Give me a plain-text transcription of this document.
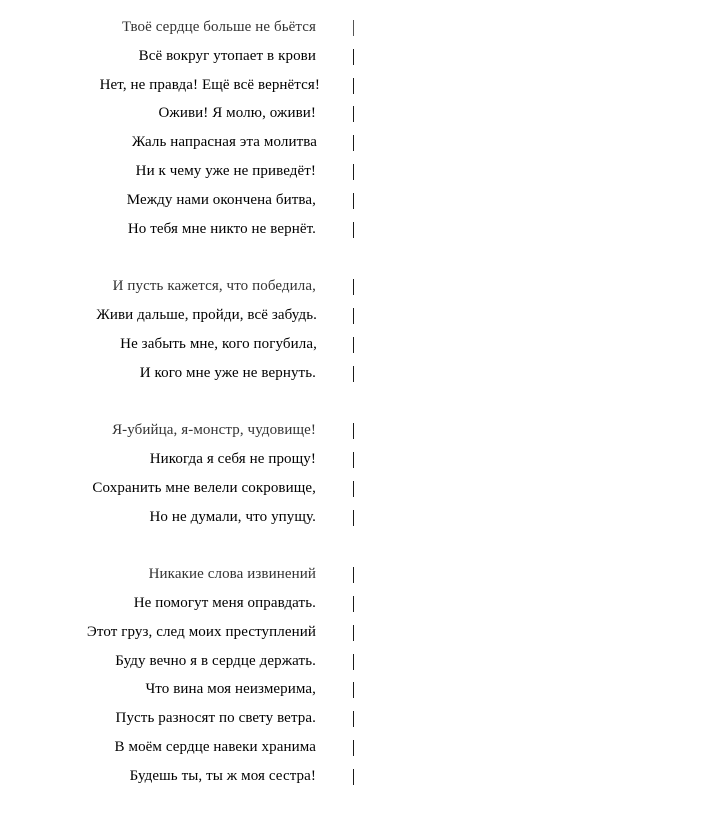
Твоё сердце больше не бьётся
Всё вокруг утопает в крови
Нет, не правда! Ещё всё вернётся!
Оживи! Я молю, оживи!
Жаль напрасная эта молитва
Ни к чему уже не приведёт!
Между нами окончена битва,
Но тебя мне никто не вернёт.
И пусть кажется, что победила,
Живи дальше, пройди, всё забудь.
Не забыть мне, кого погубила,
И кого мне уже не вернуть.
Я-убийца, я-монстр, чудовище!
Никогда я себя не прощу!
Сохранить мне велели сокровище,
Но не думали, что упущу.
Никакие слова извинений
Не помогут меня оправдать.
Этот груз, след моих преступлений
Буду вечно я в сердце держать.
Что вина моя неизмерима,
Пусть разносят по свету ветра.
В моём сердце навеки хранима
Будешь ты, ты ж моя сестра!
